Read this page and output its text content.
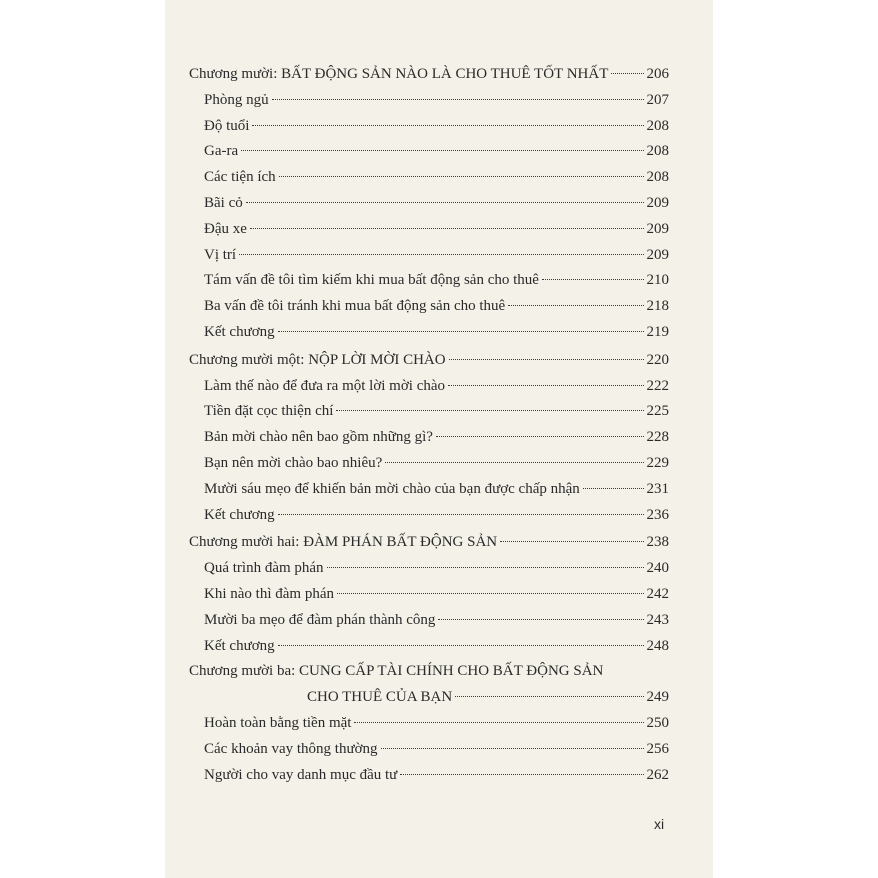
Chương mười: BẤT ĐỘNG SẢN NÀO LÀ CHO THUÊ TỐT NHẤT	206
Phòng ngủ	207
Độ tuổi	208
Ga-ra	208
Các tiện ích	208
Bãi cỏ	209
Đậu xe	209
Vị trí	209
Tám vấn đề tôi tìm kiếm khi mua bất động sản cho thuê	210
Ba vấn đề tôi tránh khi mua bất động sản cho thuê	218
Kết chương	219
Chương mười một: NỘP LỜI MỜI CHÀO	220
Làm thế nào để đưa ra một lời mời chào	222
Tiền đặt cọc thiện chí	225
Bản mời chào nên bao gồm những gì?	228
Bạn nên mời chào bao nhiêu?	229
Mười sáu mẹo để khiến bản mời chào của bạn được chấp nhận	231
Kết chương	236
Chương mười hai: ĐÀM PHÁN BẤT ĐỘNG SẢN	238
Quá trình đàm phán	240
Khi nào thì đàm phán	242
Mười ba mẹo để đàm phán thành công	243
Kết chương	248
Chương mười ba: CUNG CẤP TÀI CHÍNH CHO BẤT ĐỘNG SẢN
CHO THUÊ CỦA BẠN	249
Hoàn toàn bằng tiền mặt	250
Các khoản vay thông thường	256
Người cho vay danh mục đầu tư	262
xi
